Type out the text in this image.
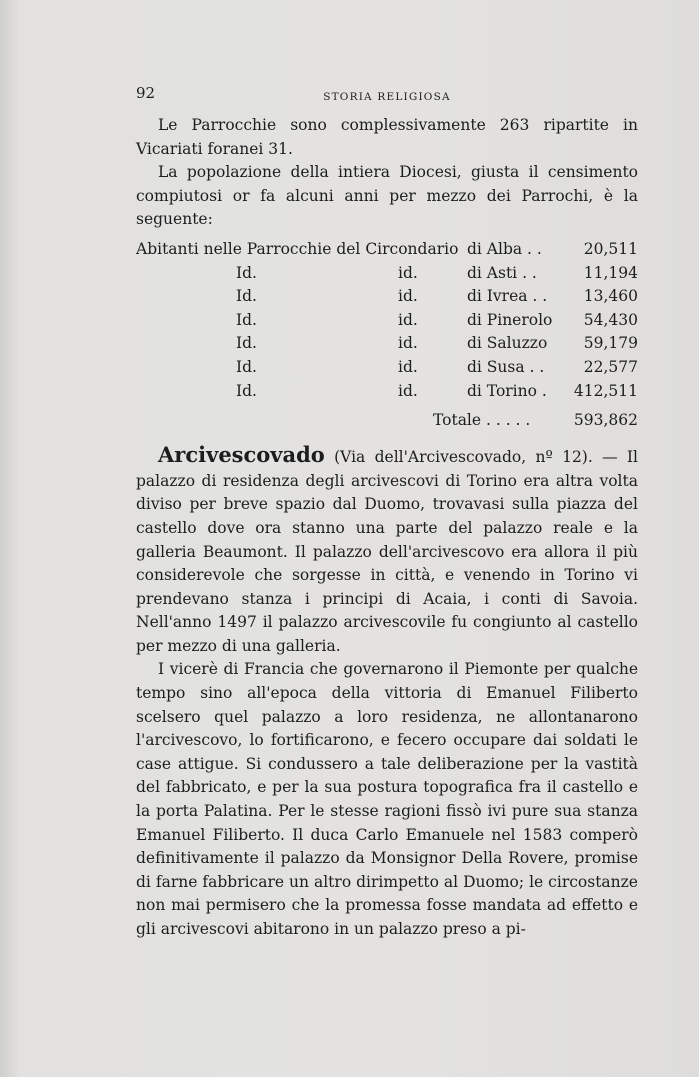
92	STORIA RELIGIOSA

Le Parrocchie sono complessivamente 263 ripartite in Vicariati foranei 31.

La popolazione della intiera Diocesi, giusta il censimento compiutosi or fa alcuni anni per mezzo dei Parrochi, è la seguente:

Abitanti nelle Parrocchie del Circondario di Alba . .	20,511
Id.	id.	di Asti . .	11,194
Id.	id.	di Ivrea . . 13,460
Id.	id.	di Pinerolo 54,430
Id.	id.	di Saluzzo 59,179
Id.	id.	di Susa . .	22,577
Id.	id.	di Torino . 412,511
Totale . . . . .	593,862

Arcivescovado (Via dell'Arcivescovado, nº 12). — Il palazzo di residenza degli arcivescovi di Torino era altra volta diviso per breve spazio dal Duomo, trovavasi sulla piazza del castello dove ora stanno una parte del palazzo reale e la galleria Beaumont. Il palazzo dell'arcivescovo era allora il più considerevole che sorgesse in città, e venendo in Torino vi prendevano stanza i principi di Acaia, i conti di Savoia. Nell'anno 1497 il palazzo arcivescovile fu congiunto al castello per mezzo di una galleria.

I vicerè di Francia che governarono il Piemonte per qualche tempo sino all'epoca della vittoria di Emanuel Filiberto scelsero quel palazzo a loro residenza, ne allontanarono l'arcivescovo, lo fortificarono, e fecero occupare dai soldati le case attigue. Si condussero a tale deliberazione per la vastità del fabbricato, e per la sua postura topografica fra il castello e la porta Palatina. Per le stesse ragioni fissò ivi pure sua stanza Emanuel Filiberto. Il duca Carlo Emanuele nel 1583 comperò definitivamente il palazzo da Monsignor Della Rovere, promise di farne fabbricare un altro dirimpetto al Duomo; le circostanze non mai permisero che la promessa fosse mandata ad effetto e gli arcivescovi abitarono in un palazzo preso a pi-
